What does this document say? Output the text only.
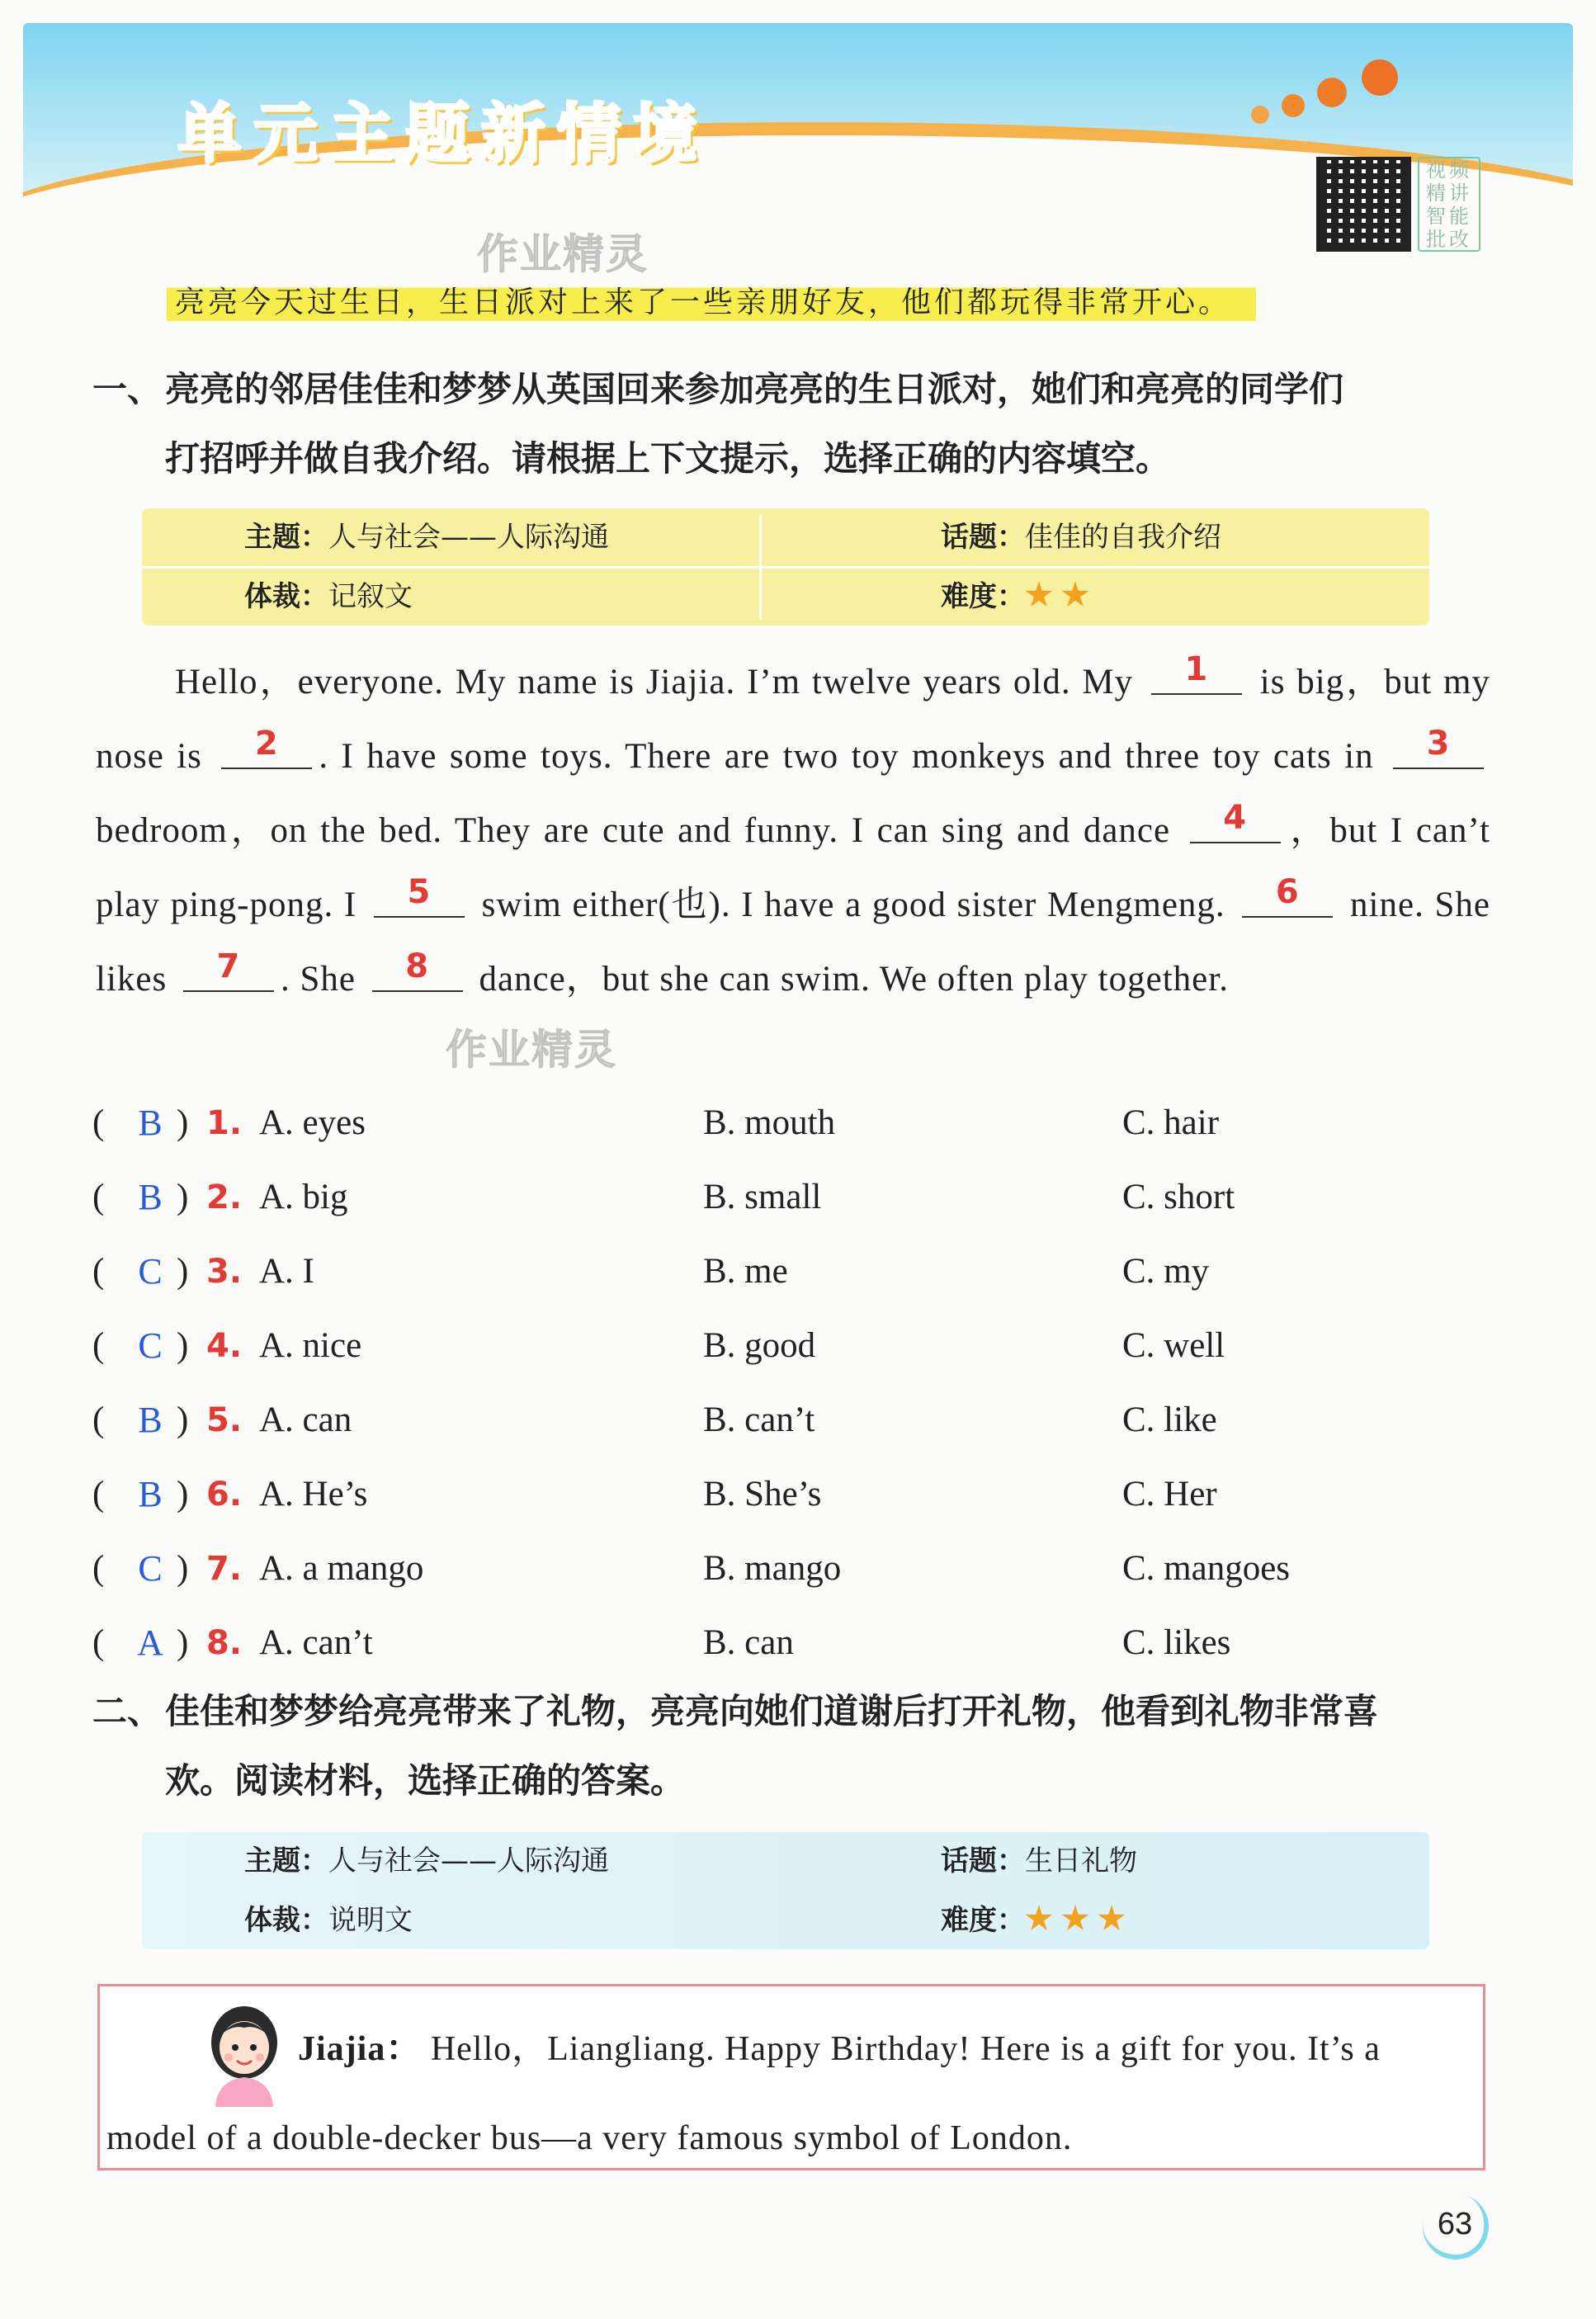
单元主题新情境	视频精讲 智能批改
作业精灵
亮亮今天过生日，生日派对上来了一些亲朋好友，他们都玩得非常开心。
一、亮亮的邻居佳佳和梦梦从英国回来参加亮亮的生日派对，她们和亮亮的同学们
打招呼并做自我介绍。请根据上下文提示，选择正确的内容填空。
主题：人与社会——人际沟通	话题：佳佳的自我介绍
体裁：记叙文	难度：
Hello，everyone. My name is Jiajia. I’m twelve years old. My	1	is big，but my nose is	2	. I have some toys. There are two toy monkeys and three toy cats in	3
bedroom，on the bed. They are cute and funny. I can sing and dance	4	，but I can’t play ping-pong. I	5	swim either(也). I have a good sister Mengmeng.	6	nine. She likes	7	. She	8	dance，but she can swim. We often play together.
作业精灵
( B ) 1. A. eyes	B. mouth	C. hair
( B ) 2. A. big	B. small	C. short
( C ) 3. A. I	B. me	C. my
( C ) 4. A. nice	B. good	C. well
( B ) 5. A. can	B. can’t	C. like
( B ) 6. A. He’s	B. She’s	C. Her
( C ) 7. A. a mango	B. mango	C. mangoes
( A ) 8. A. can’t	B. can	C. likes
二、佳佳和梦梦给亮亮带来了礼物，亮亮向她们道谢后打开礼物，他看到礼物非常喜
欢。阅读材料，选择正确的答案。
主题：人与社会——人际沟通	话题：生日礼物
体裁：说明文	难度：
Jiajia： Hello，Liangliang. Happy Birthday! Here is a gift for you. It’s a
model of a double-decker bus—a very famous symbol of London.
63
